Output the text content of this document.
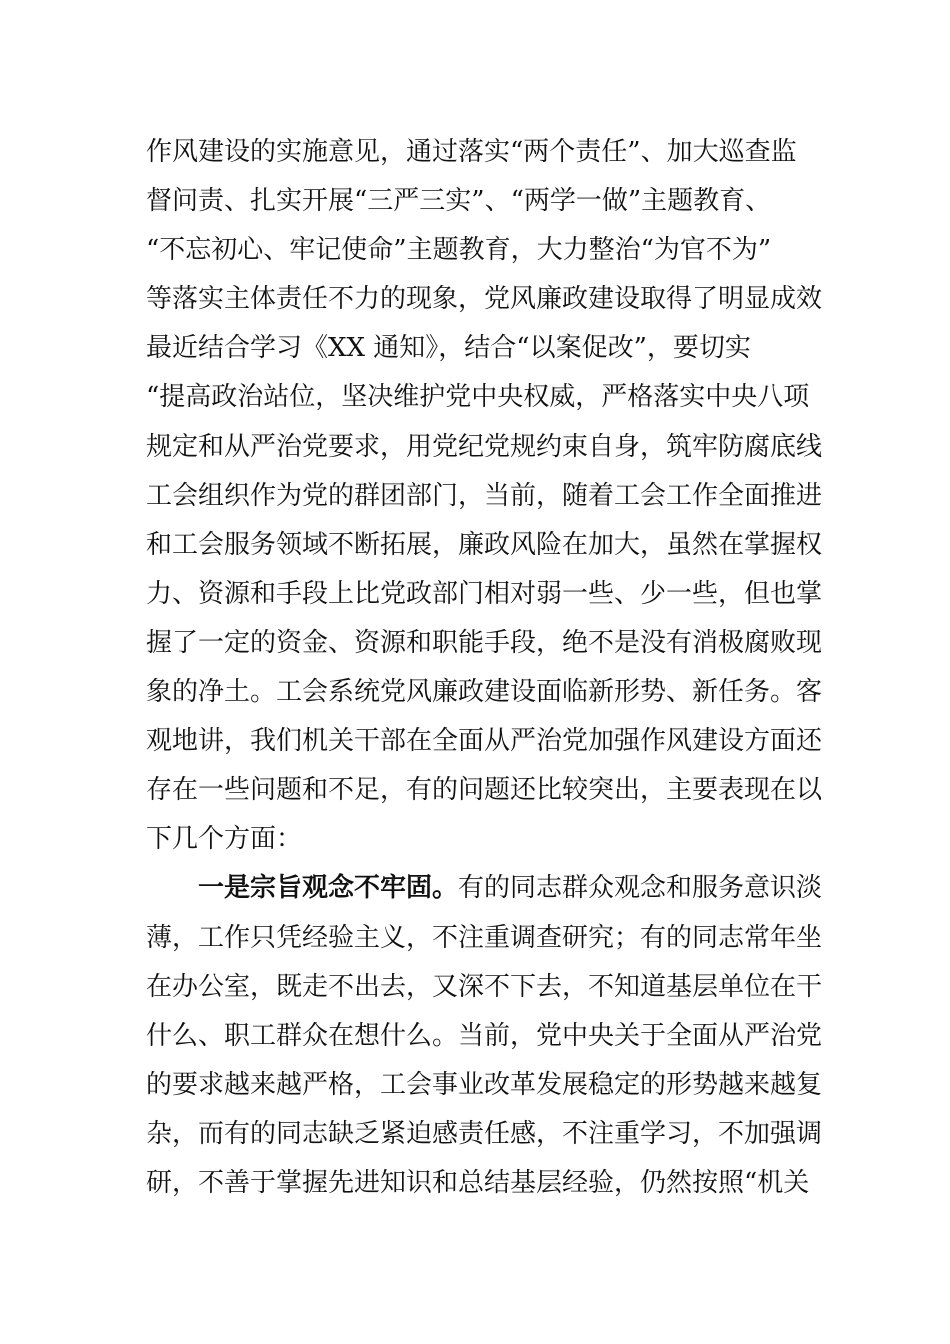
作风建设的实施意见，通过落实“两个责任”、加大巡查监
督问责、扎实开展“三严三实”、“两学一做”主题教育、
“不忘初心、牢记使命”主题教育，大力整治“为官不为”
等落实主体责任不力的现象，党风廉政建设取得了明显成效
最近结合学习《XX 通知》，结合“以案促改”，要切实
“提高政治站位，坚决维护党中央权威，严格落实中央八项
规定和从严治党要求，用党纪党规约束自身，筑牢防腐底线
工会组织作为党的群团部门，当前，随着工会工作全面推进
和工会服务领域不断拓展，廉政风险在加大，虽然在掌握权
力、资源和手段上比党政部门相对弱一些、少一些，但也掌
握了一定的资金、资源和职能手段，绝不是没有消极腐败现
象的净土。工会系统党风廉政建设面临新形势、新任务。客
观地讲，我们机关干部在全面从严治党加强作风建设方面还
存在一些问题和不足，有的问题还比较突出，主要表现在以
下几个方面：
一是宗旨观念不牢固。有的同志群众观念和服务意识淡
薄，工作只凭经验主义，不注重调查研究；有的同志常年坐
在办公室，既走不出去，又深不下去，不知道基层单位在干
什么、职工群众在想什么。当前，党中央关于全面从严治党
的要求越来越严格，工会事业改革发展稳定的形势越来越复
杂，而有的同志缺乏紧迫感责任感，不注重学习，不加强调
研，不善于掌握先进知识和总结基层经验，仍然按照“机关
